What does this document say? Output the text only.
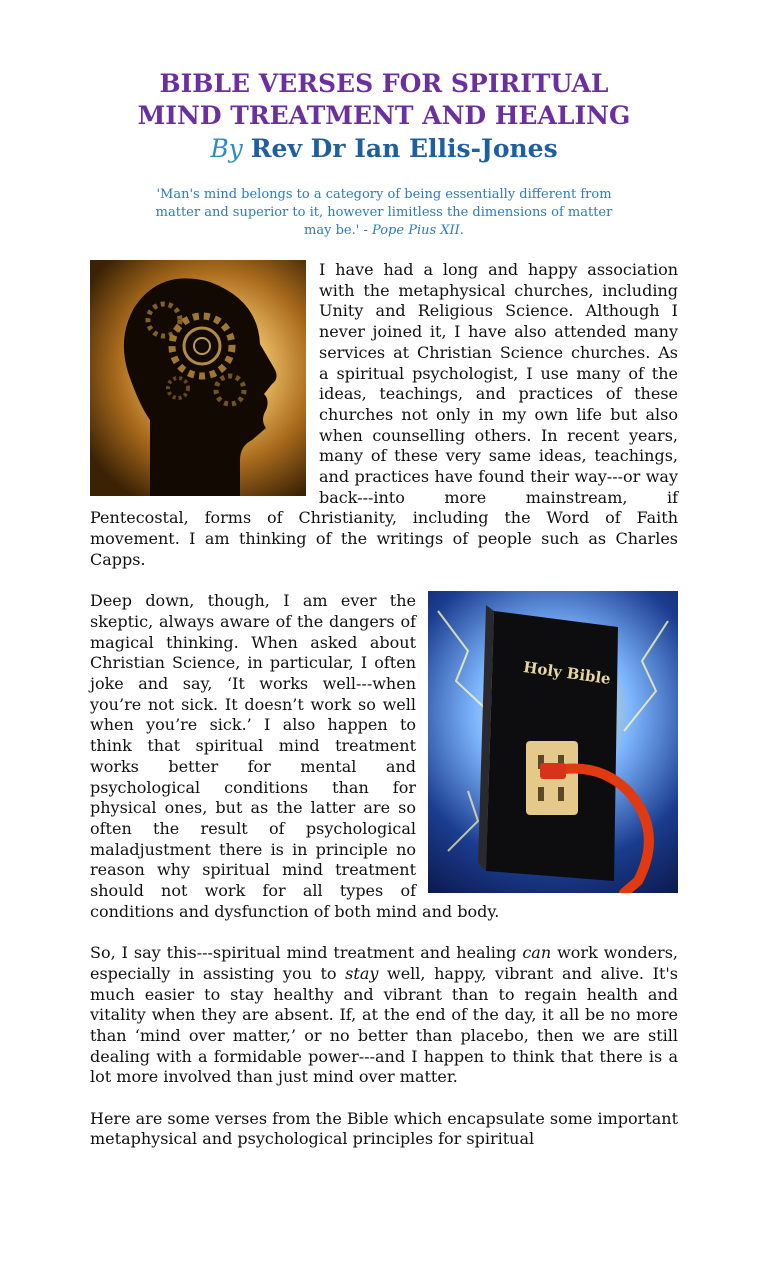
BIBLE VERSES FOR SPIRITUAL
MIND TREATMENT AND HEALING
By Rev Dr Ian Ellis-Jones
'Man's mind belongs to a category of being essentially different from matter and superior to it, however limitless the dimensions of matter may be.' - Pope Pius XII.

I have had a long and happy association with the metaphysical churches, including Unity and Religious Science. Although I never joined it, I have also attended many services at Christian Science churches. As a spiritual psychologist, I use many of the ideas, teachings, and practices of these churches not only in my own life but also when counselling others. In recent years, many of these very same ideas, teachings, and practices have found their way---or way back---into more mainstream, if Pentecostal, forms of Christianity, including the Word of Faith movement. I am thinking of the writings of people such as Charles Capps.

Holy Bible
Deep down, though, I am ever the skeptic, always aware of the dangers of magical thinking. When asked about Christian Science, in particular, I often joke and say, ‘It works well---when you’re not sick. It doesn’t work so well when you’re sick.’ I also happen to think that spiritual mind treatment works better for mental and psychological conditions than for physical ones, but as the latter are so often the result of psychological maladjustment there is in principle no reason why spiritual mind treatment should not work for all types of conditions and dysfunction of both mind and body.

So, I say this---spiritual mind treatment and healing can work wonders, especially in assisting you to stay well, happy, vibrant and alive. It's much easier to stay healthy and vibrant than to regain health and vitality when they are absent. If, at the end of the day, it all be no more than ‘mind over matter,’ or no better than placebo, then we are still dealing with a formidable power---and I happen to think that there is a lot more involved than just mind over matter.

Here are some verses from the Bible which encapsulate some important metaphysical and psychological principles for spiritual
